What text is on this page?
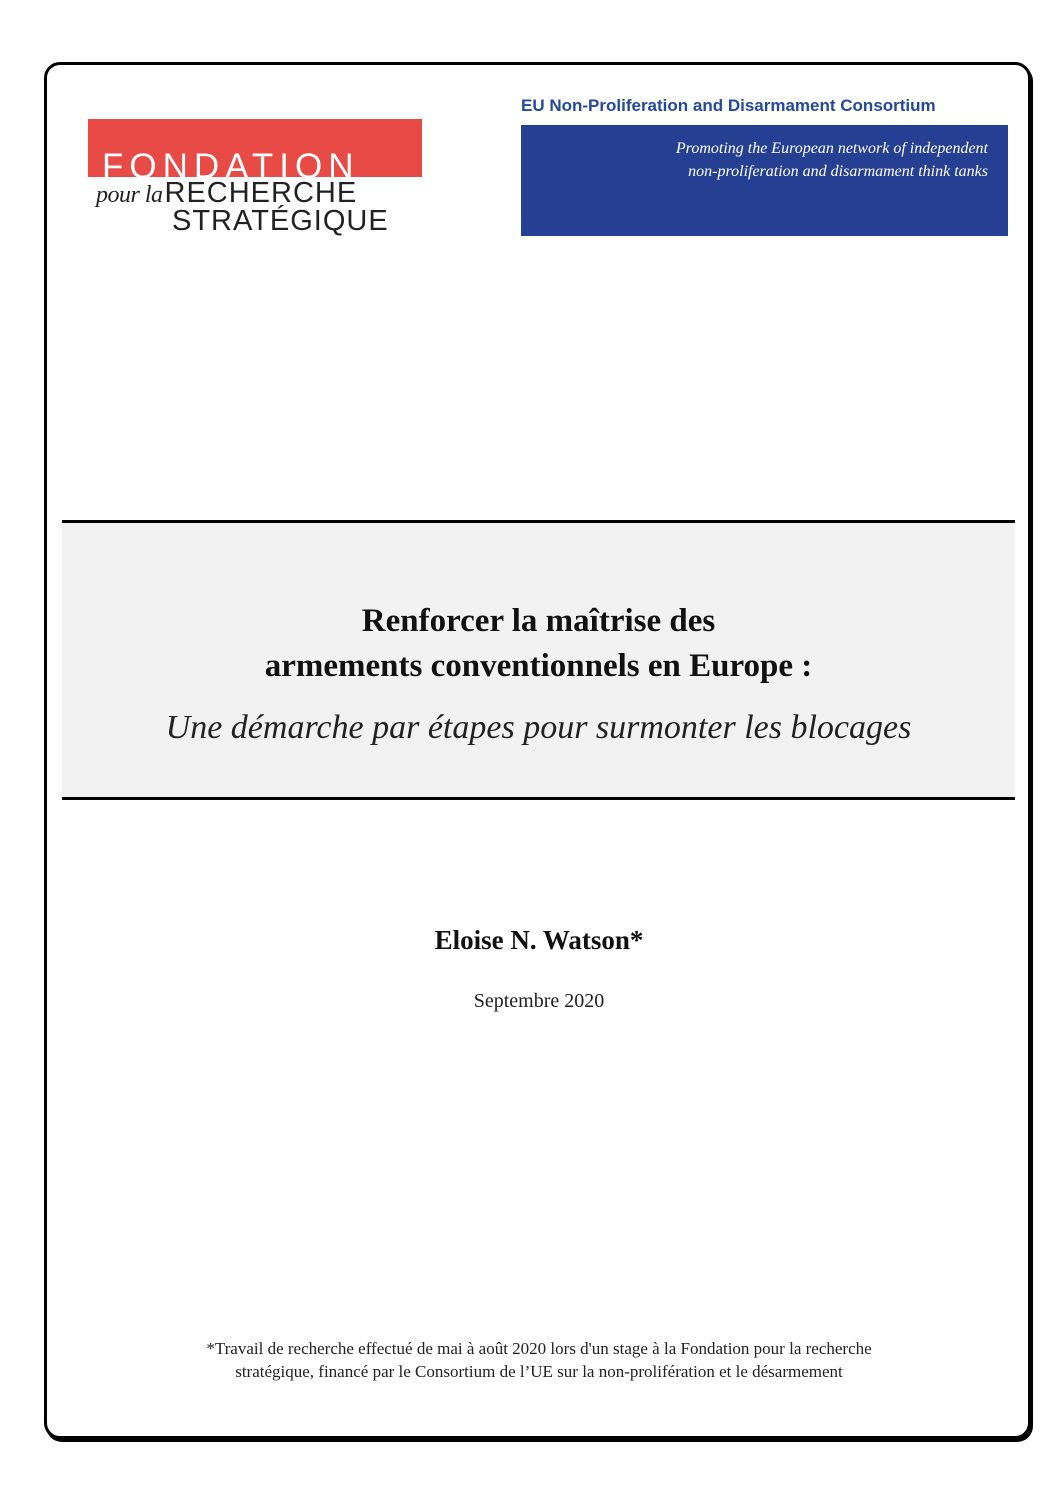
FONDATION
pour laRECHERCHE
STRATÉGIQUE
EU Non-Proliferation and Disarmament Consortium
Promoting the European network of independent
non-proliferation and disarmament think tanks
Renforcer la maîtrise des
armements conventionnels en Europe :
Une démarche par étapes pour surmonter les blocages
Eloise N. Watson*
Septembre 2020
*Travail de recherche effectué de mai à août 2020 lors d'un stage à la Fondation pour la recherche
stratégique, financé par le Consortium de l’UE sur la non-prolifération et le désarmement
